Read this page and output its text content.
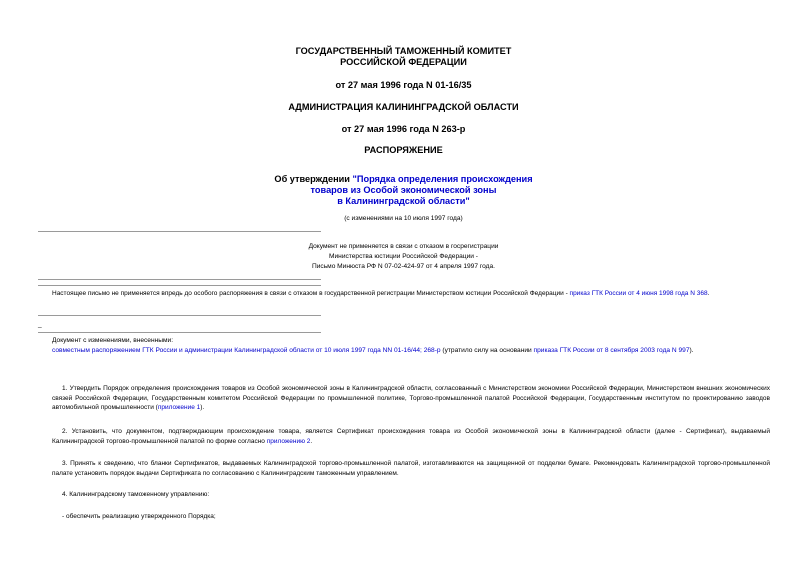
ГОСУДАРСТВЕННЫЙ ТАМОЖЕННЫЙ КОМИТЕТ
РОССИЙСКОЙ ФЕДЕРАЦИИ
от 27 мая 1996 года N 01-16/35
АДМИНИСТРАЦИЯ КАЛИНИНГРАДСКОЙ ОБЛАСТИ
от 27 мая 1996 года N 263-р
РАСПОРЯЖЕНИЕ
Об утверждении "Порядка определения происхождения
товаров из Особой экономической зоны
в Калининградской области"
(с изменениями на 10 июля 1997 года)
Документ не применяется в связи с отказом в госрегистрации
Министерства юстиции Российской Федерации -
Письмо Минюста РФ N 07-02-424-97 от 4 апреля 1997 года.
Настоящее письмо не применяется впредь до особого распоряжения в связи с отказом в государственной регистрации Министерством юстиции Российской Федерации - приказ ГТК России от 4 июня 1998 года N 368.
_
Документ с изменениями, внесенными:
совместным распоряжением ГТК России и администрации Калининградской области от 10 июля 1997 года NN 01-16/44; 268-р (утратило силу на основании приказа ГТК России от 8 сентября 2003 года N 997).
1. Утвердить Порядок определения происхождения товаров из Особой экономической зоны в Калининградской области, согласованный с Министерством экономики Российской Федерации, Министерством внешних экономических связей Российской Федерации, Государственным комитетом Российской Федерации по промышленной политике, Торгово-промышленной палатой Российской Федерации, Государственным институтом по проектированию заводов автомобильной промышленности (приложение 1).
2. Установить, что документом, подтверждающим происхождение товара, является Сертификат происхождения товара из Особой экономической зоны в Калининградской области (далее - Сертификат), выдаваемый Калининградской торгово-промышленной палатой по форме согласно приложению 2.
3. Принять к сведению, что бланки Сертификатов, выдаваемых Калининградской торгово-промышленной палатой, изготавливаются на защищенной от подделки бумаге. Рекомендовать Калининградской торгово-промышленной палате установить порядок выдачи Сертификата по согласованию с Калининградским таможенным управлением.
4. Калининградскому таможенному управлению:
- обеспечить реализацию утвержденного Порядка;
